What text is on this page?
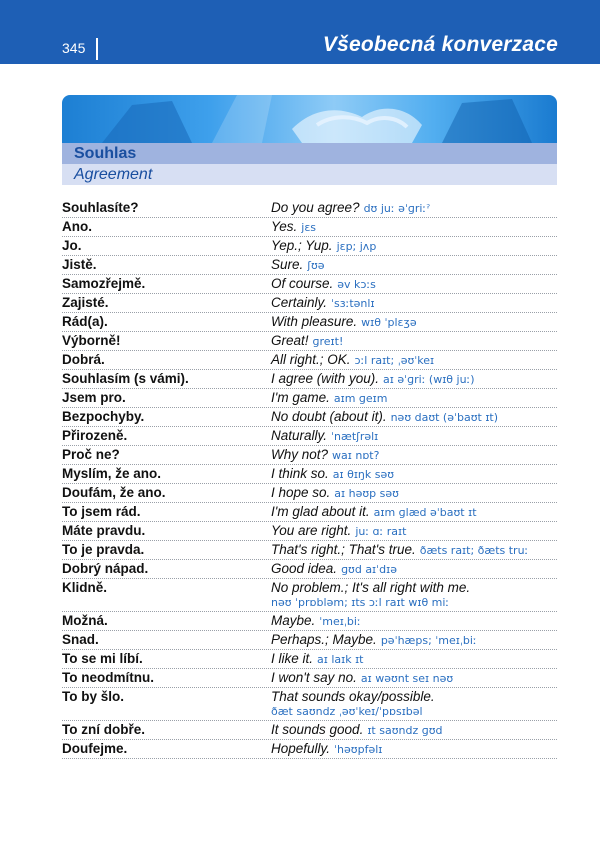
345	Všeobecná konverzace
Souhlas
Agreement
Souhlasíte?	Do you agree? dʊ juː əˈɡriːˀ
Ano.	Yes. jɛs
Jo.	Yep.; Yup. jɛp; jʌp
Jistě.	Sure. ʃʊə
Samozřejmě.	Of course. əv kɔːs
Zajisté.	Certainly. ˈsɜːtənlɪ
Rád(a).	With pleasure. wɪθ ˈplɛʒə
Výborně!	Great! ɡreɪt!
Dobrá.	All right.; OK. ɔːl raɪt; ˌəʊˈkeɪ
Souhlasím (s vámi).	I agree (with you). aɪ əˈɡriː (wɪθ juː)
Jsem pro.	I'm game. aɪm ɡeɪm
Bezpochyby.	No doubt (about it). nəʊ daʊt (əˈbaʊt ɪt)
Přirozeně.	Naturally. ˈnætʃrəlɪ
Proč ne?	Why not? waɪ nɒt?
Myslím, že ano.	I think so. aɪ θɪŋk səʊ
Doufám, že ano.	I hope so. aɪ həʊp səʊ
To jsem rád.	I'm glad about it. aɪm ɡlæd əˈbaʊt ɪt
Máte pravdu.	You are right. juː ɑː raɪt
To je pravda.	That's right.; That's true. ðæts raɪt; ðæts truː
Dobrý nápad.	Good idea. ɡʊd aɪˈdɪə
Klidně.	No problem.; It's all right with me.
nəʊ ˈprɒbləm; ɪts ɔːl raɪt wɪθ miː
Možná.	Maybe. ˈmeɪˌbiː
Snad.	Perhaps.; Maybe. pəˈhæps; ˈmeɪˌbiː
To se mi líbí.	I like it. aɪ laɪk ɪt
To neodmítnu.	I won't say no. aɪ wəʊnt seɪ nəʊ
To by šlo.	That sounds okay/possible.
ðæt saʊndz ˌəʊˈkeɪ/ˈpɒsɪbəl
To zní dobře.	It sounds good. ɪt saʊndz ɡʊd
Doufejme.	Hopefully. ˈhəʊpfəlɪ
